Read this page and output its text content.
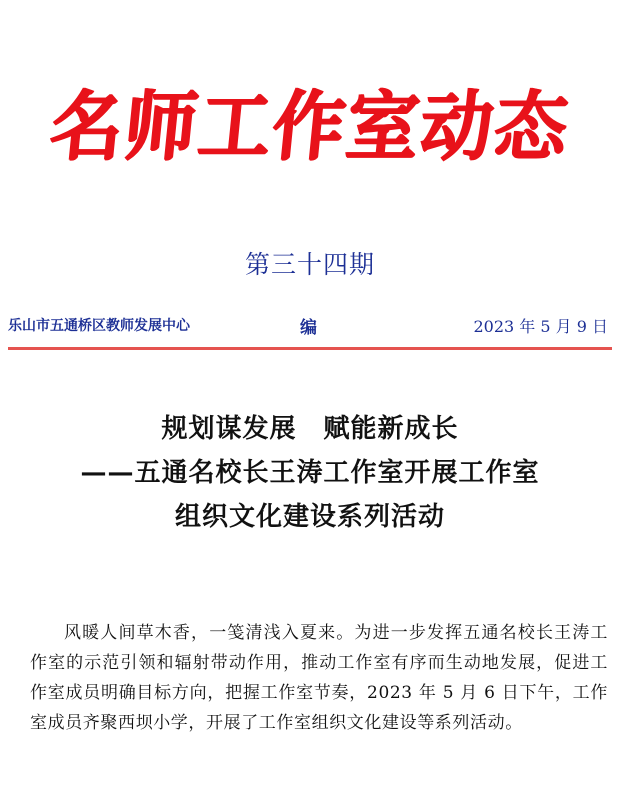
名师工作室动态
第三十四期
乐山市五通桥区教师发展中心	编	2023 年 5 月 9 日
规划谋发展　赋能新成长
——五通名校长王涛工作室开展工作室
组织文化建设系列活动

风暖人间草木香，一笺清浅入夏来。为进一步发挥五通名校长王涛工作室的示范引领和辐射带动作用，推动工作室有序而生动地发展，促进工作室成员明确目标方向，把握工作室节奏，2023 年 5 月 6 日下午，工作室成员齐聚西坝小学，开展了工作室组织文化建设等系列活动。
